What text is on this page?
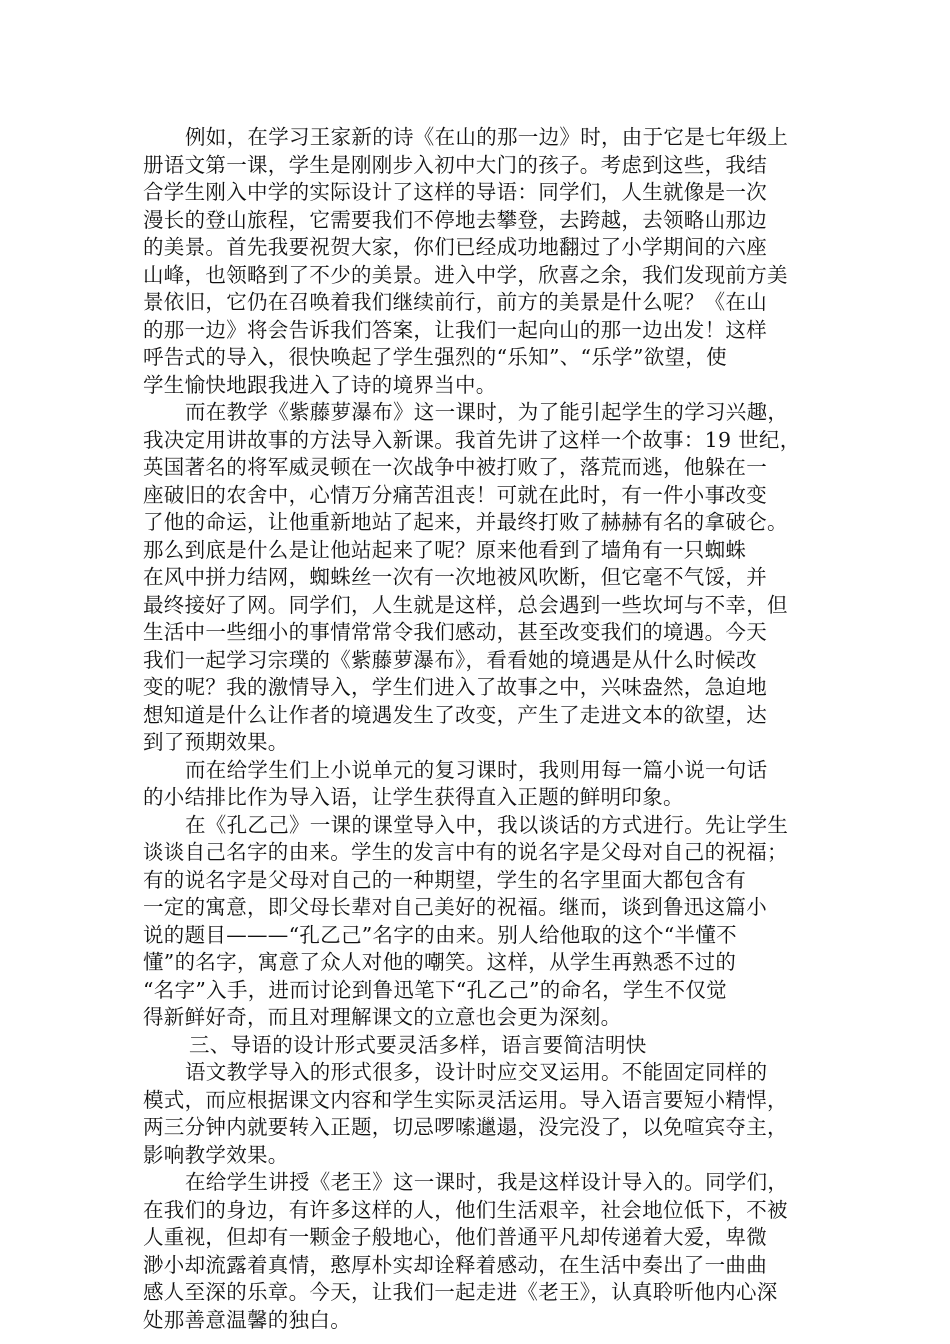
例如，在学习王家新的诗《在山的那一边》时，由于它是七年级上
册语文第一课，学生是刚刚步入初中大门的孩子。考虑到这些，我结
合学生刚入中学的实际设计了这样的导语：同学们，人生就像是一次
漫长的登山旅程，它需要我们不停地去攀登，去跨越，去领略山那边
的美景。首先我要祝贺大家，你们已经成功地翻过了小学期间的六座
山峰，也领略到了不少的美景。进入中学，欣喜之余，我们发现前方美
景依旧，它仍在召唤着我们继续前行，前方的美景是什么呢？《在山
的那一边》将会告诉我们答案，让我们一起向山的那一边出发！这样
呼告式的导入，很快唤起了学生强烈的“乐知”、“乐学”欲望，使
学生愉快地跟我进入了诗的境界当中。
而在教学《紫藤萝瀑布》这一课时，为了能引起学生的学习兴趣，
我决定用讲故事的方法导入新课。我首先讲了这样一个故事：19 世纪，
英国著名的将军威灵顿在一次战争中被打败了，落荒而逃，他躲在一
座破旧的农舍中，心情万分痛苦沮丧！可就在此时，有一件小事改变
了他的命运，让他重新地站了起来，并最终打败了赫赫有名的拿破仑。
那么到底是什么是让他站起来了呢？原来他看到了墙角有一只蜘蛛
在风中拼力结网，蜘蛛丝一次有一次地被风吹断，但它毫不气馁，并
最终接好了网。同学们，人生就是这样，总会遇到一些坎坷与不幸，但
生活中一些细小的事情常常令我们感动，甚至改变我们的境遇。今天
我们一起学习宗璞的《紫藤萝瀑布》，看看她的境遇是从什么时候改
变的呢？我的激情导入，学生们进入了故事之中，兴味盎然，急迫地
想知道是什么让作者的境遇发生了改变，产生了走进文本的欲望，达
到了预期效果。
而在给学生们上小说单元的复习课时，我则用每一篇小说一句话
的小结排比作为导入语，让学生获得直入正题的鲜明印象。
在《孔乙己》一课的课堂导入中，我以谈话的方式进行。先让学生
谈谈自己名字的由来。学生的发言中有的说名字是父母对自己的祝福；
有的说名字是父母对自己的一种期望，学生的名字里面大都包含有
一定的寓意，即父母长辈对自己美好的祝福。继而，谈到鲁迅这篇小
说的题目———“孔乙己”名字的由来。别人给他取的这个“半懂不
懂”的名字，寓意了众人对他的嘲笑。这样，从学生再熟悉不过的
“名字”入手，进而讨论到鲁迅笔下“孔乙己”的命名，学生不仅觉
得新鲜好奇，而且对理解课文的立意也会更为深刻。
三、导语的设计形式要灵活多样，语言要简洁明快
语文教学导入的形式很多，设计时应交叉运用。不能固定同样的
模式，而应根据课文内容和学生实际灵活运用。导入语言要短小精悍，
两三分钟内就要转入正题，切忌啰嗦邋遢，没完没了，以免喧宾夺主，
影响教学效果。
在给学生讲授《老王》这一课时，我是这样设计导入的。同学们，
在我们的身边，有许多这样的人，他们生活艰辛，社会地位低下，不被
人重视，但却有一颗金子般地心，他们普通平凡却传递着大爱，卑微
渺小却流露着真情，憨厚朴实却诠释着感动，在生活中奏出了一曲曲
感人至深的乐章。今天，让我们一起走进《老王》，认真聆听他内心深
处那善意温馨的独白。
